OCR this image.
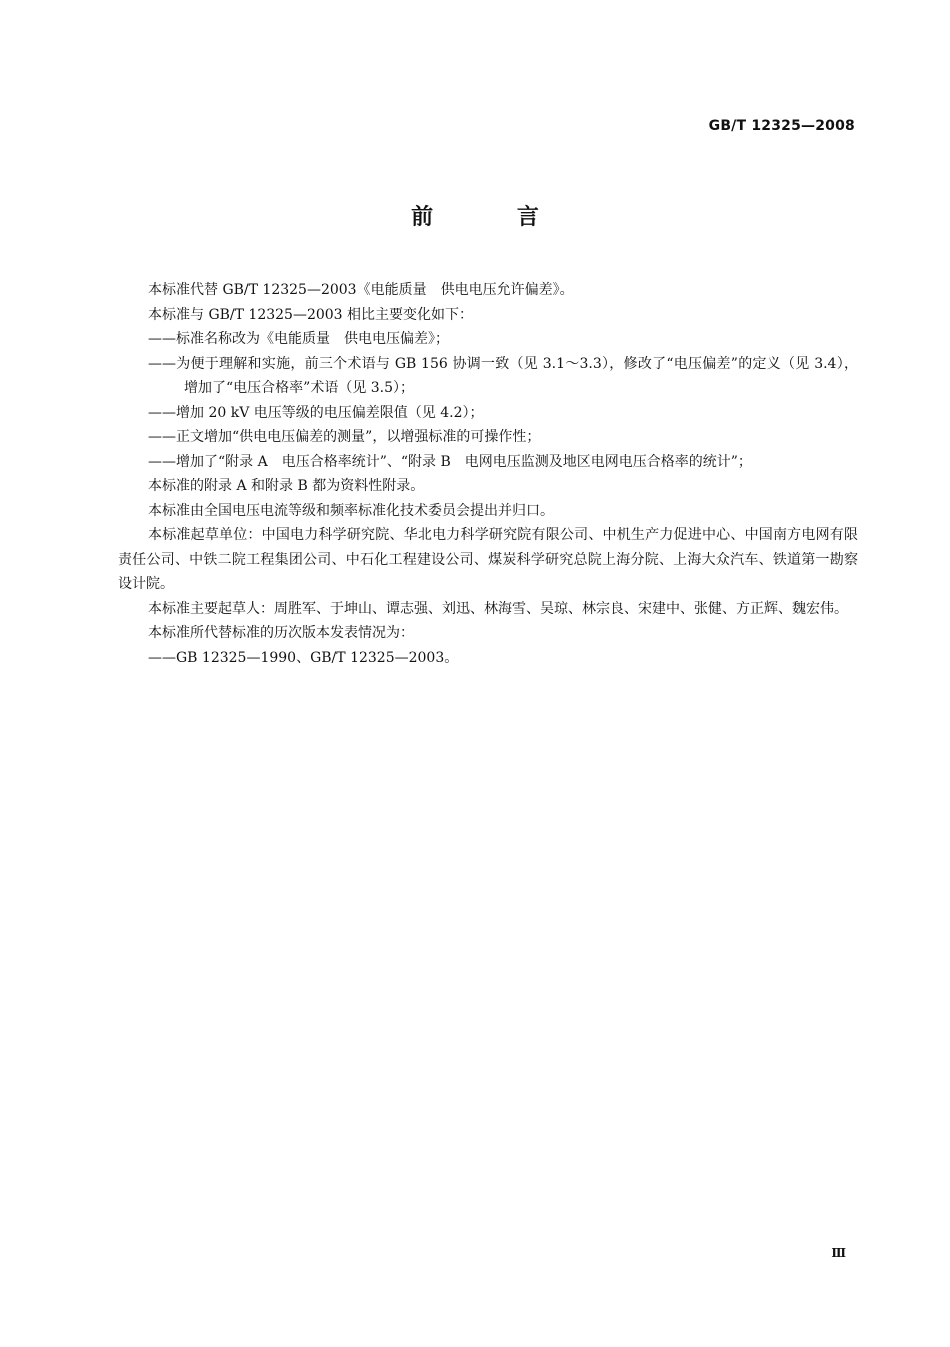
GB/T 12325—2008
前 言

本标准代替 GB/T 12325—2003《电能质量　供电电压允许偏差》。

本标准与 GB/T 12325—2003 相比主要变化如下：

——标准名称改为《电能质量　供电电压偏差》；

——为便于理解和实施，前三个术语与 GB 156 协调一致（见 3.1～3.3），修改了“电压偏差”的定义（见 3.4），增加了“电压合格率”术语（见 3.5）；

——增加 20 kV 电压等级的电压偏差限值（见 4.2）；

——正文增加“供电电压偏差的测量”，以增强标准的可操作性；

——增加了“附录 A　电压合格率统计”、“附录 B　电网电压监测及地区电网电压合格率的统计”；

本标准的附录 A 和附录 B 都为资料性附录。

本标准由全国电压电流等级和频率标准化技术委员会提出并归口。

本标准起草单位：中国电力科学研究院、华北电力科学研究院有限公司、中机生产力促进中心、中国南方电网有限责任公司、中铁二院工程集团公司、中石化工程建设公司、煤炭科学研究总院上海分院、上海大众汽车、铁道第一勘察设计院。

本标准主要起草人：周胜军、于坤山、谭志强、刘迅、林海雪、吴琼、林宗良、宋建中、张健、方正辉、魏宏伟。

本标准所代替标准的历次版本发表情况为：

——GB 12325—1990、GB/T 12325—2003。

Ⅲ
